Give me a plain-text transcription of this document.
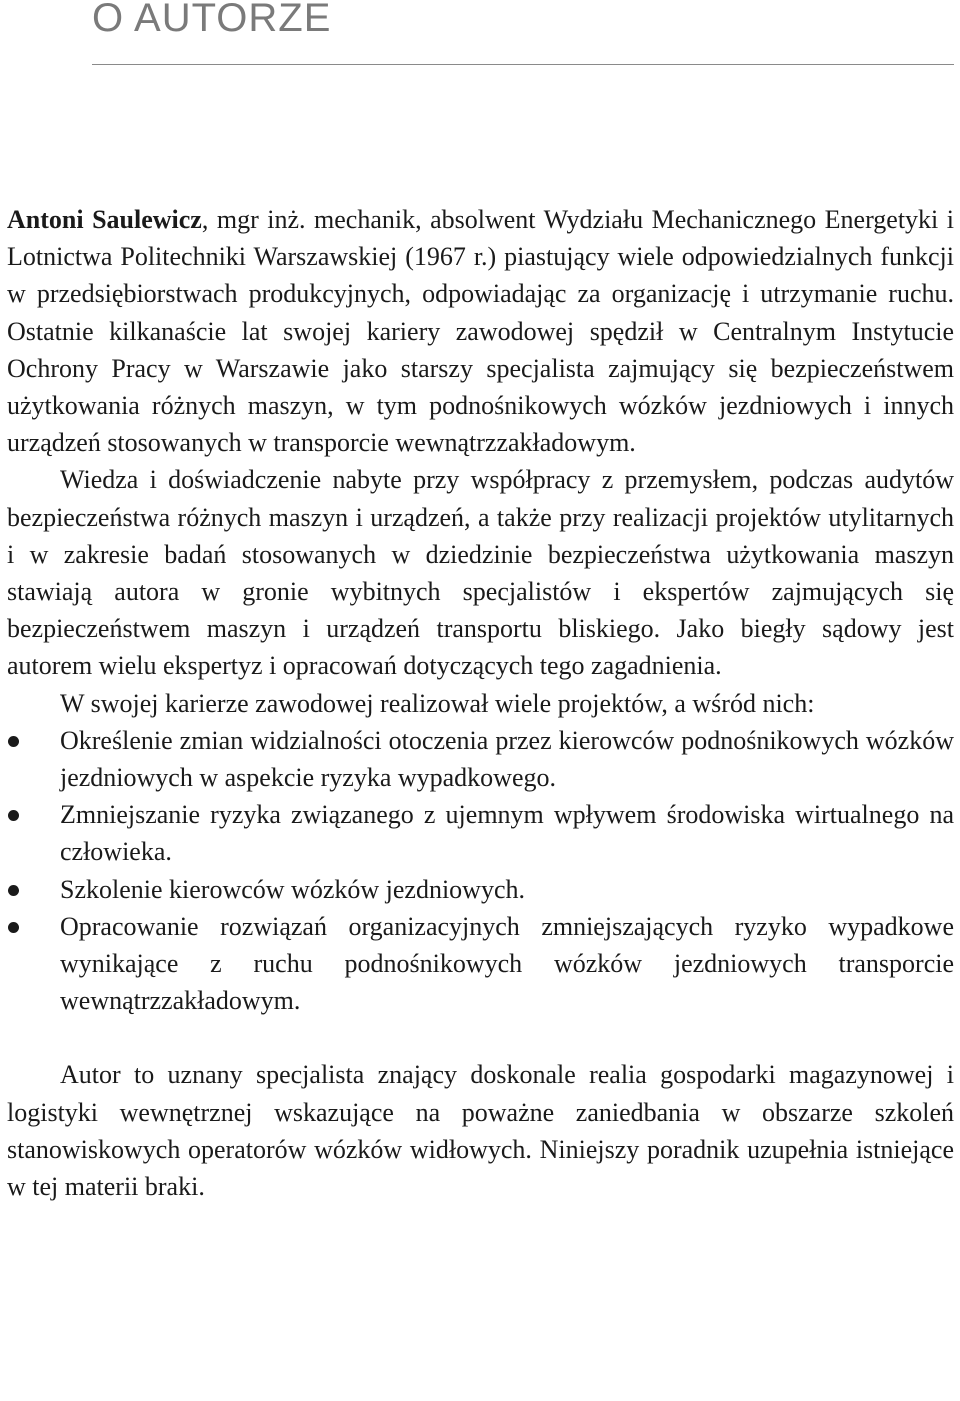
O AUTORZE

Antoni Saulewicz, mgr inż. mechanik, absolwent Wydziału Mechanicznego Energetyki i Lotnictwa Politechniki Warszawskiej (1967 r.) piastujący wiele odpowiedzialnych funkcji w przedsiębiorstwach produkcyjnych, odpowiadając za organizację i utrzymanie ruchu. Ostatnie kilkanaście lat swojej kariery zawodowej spędził w Centralnym Instytucie Ochrony Pracy w Warszawie jako starszy specjalista zajmujący się bezpieczeństwem użytkowania różnych maszyn, w tym podnośnikowych wózków jezdniowych i innych urządzeń stosowanych w transporcie wewnątrzzakładowym.

Wiedza i doświadczenie nabyte przy współpracy z przemysłem, podczas audytów bezpieczeństwa różnych maszyn i urządzeń, a także przy realizacji projektów utylitarnych i w zakresie badań stosowanych w dziedzinie bezpieczeństwa użytkowania maszyn stawiają autora w gronie wybitnych specjalistów i ekspertów zajmujących się bezpieczeństwem maszyn i urządzeń transportu bliskiego. Jako biegły sądowy jest autorem wielu ekspertyz i opracowań dotyczących tego zagadnienia.

W swojej karierze zawodowej realizował wiele projektów, a wśród nich:

Określenie zmian widzialności otoczenia przez kierowców podnośnikowych wózków jezdniowych w aspekcie ryzyka wypadkowego.
Zmniejszanie ryzyka związanego z ujemnym wpływem środowiska wirtualnego na człowieka.
Szkolenie kierowców wózków jezdniowych.
Opracowanie rozwiązań organizacyjnych zmniejszających ryzyko wypadkowe wynikające z ruchu podnośnikowych wózków jezdniowych transporcie wewnątrzzakładowym.

Autor to uznany specjalista znający doskonale realia gospodarki magazynowej i logistyki wewnętrznej wskazujące na poważne zaniedbania w obszarze szkoleń stanowiskowych operatorów wózków widłowych. Niniejszy poradnik uzupełnia istniejące w tej materii braki.
